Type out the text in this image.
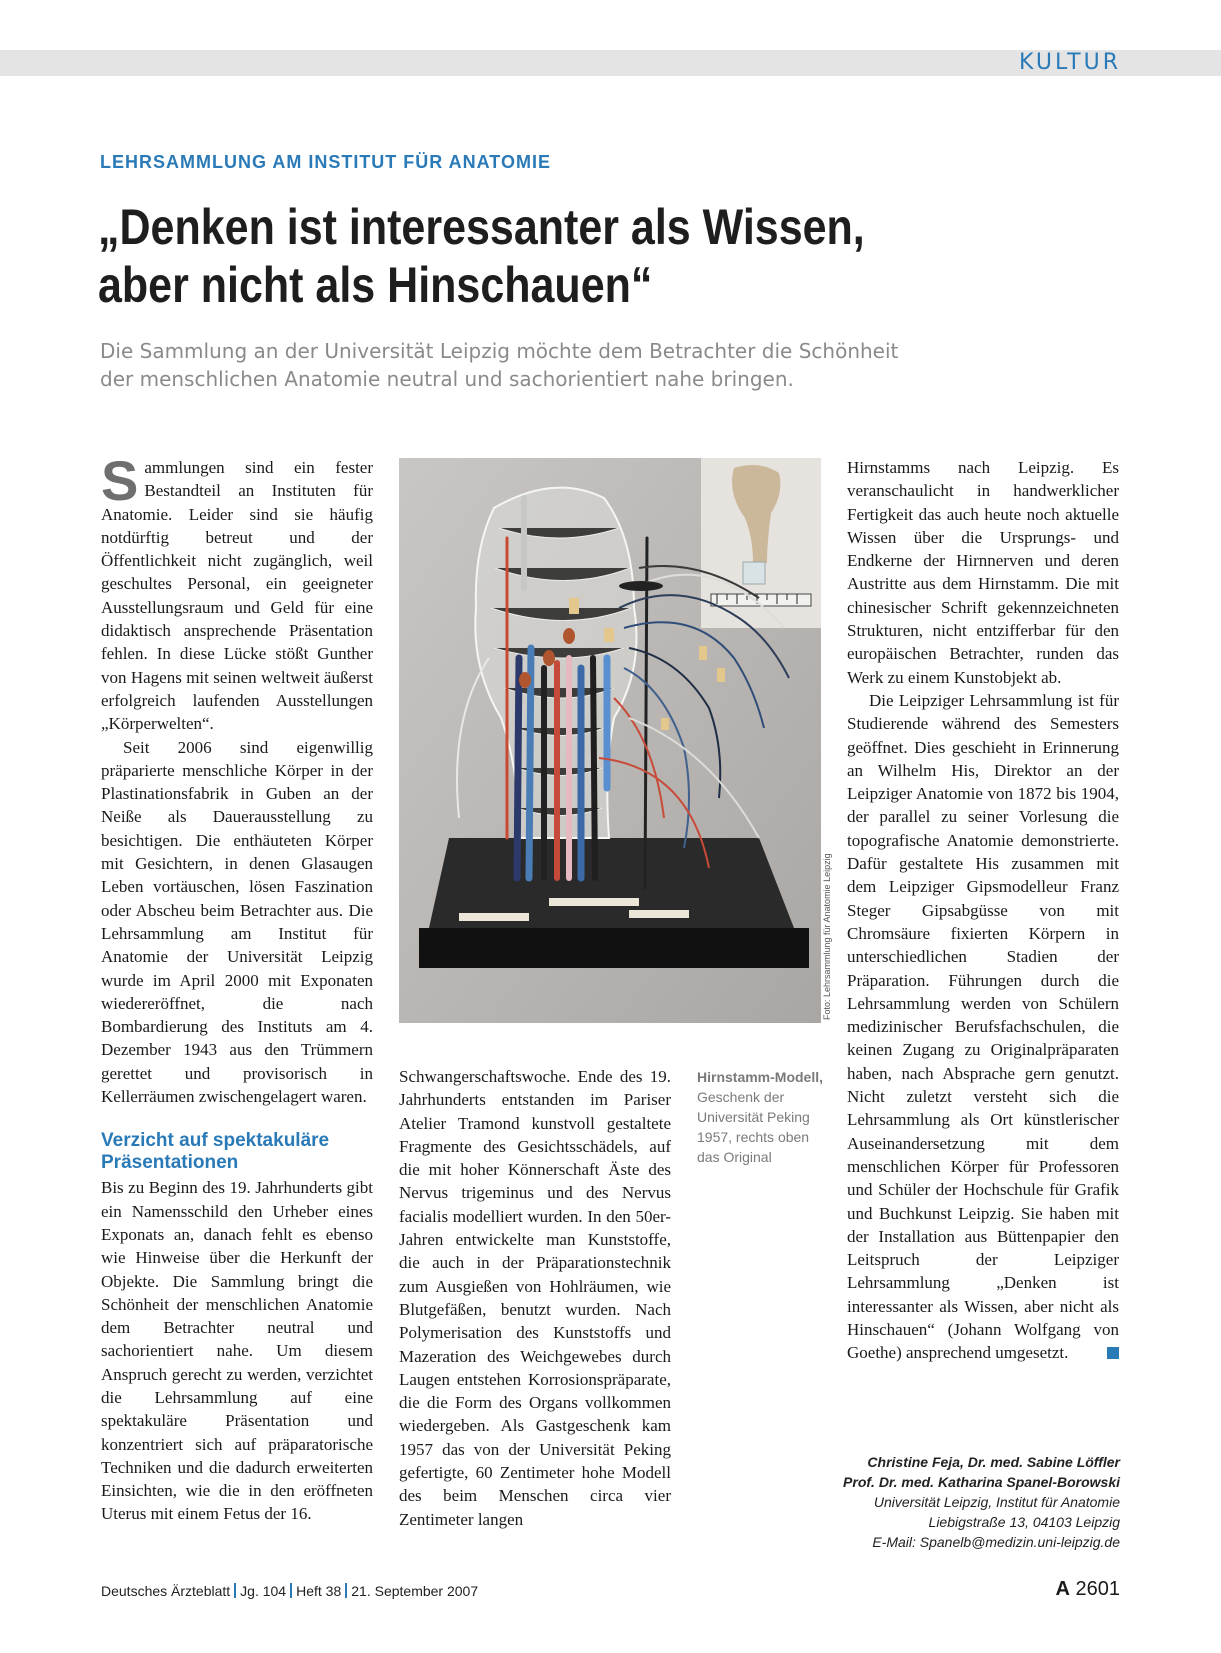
KULTUR
LEHRSAMMLUNG AM INSTITUT FÜR ANATOMIE
„Denken ist interessanter als Wissen,
aber nicht als Hinschauen“
Die Sammlung an der Universität Leipzig möchte dem Betrachter die Schönheit
der menschlichen Anatomie neutral und sachorientiert nahe bringen.

Sammlungen sind ein fester Bestandteil an Instituten für Anatomie. Leider sind sie häufig notdürftig betreut und der Öffentlichkeit nicht zugänglich, weil geschultes Personal, ein geeigneter Ausstellungsraum und Geld für eine didaktisch ansprechende Präsentation fehlen. In diese Lücke stößt Gunther von Hagens mit seinen weltweit äußerst erfolgreich laufenden Ausstellungen „Körperwelten“.

Seit 2006 sind eigenwillig präparierte menschliche Körper in der Plastinationsfabrik in Guben an der Neiße als Dauerausstellung zu besichtigen. Die enthäuteten Körper mit Gesichtern, in denen Glasaugen Leben vortäuschen, lösen Faszination oder Abscheu beim Betrachter aus. Die Lehrsammlung am Institut für Anatomie der Universität Leipzig wurde im April 2000 mit Exponaten wiedereröffnet, die nach Bombardierung des Instituts am 4. Dezember 1943 aus den Trümmern gerettet und provisorisch in Kellerräumen zwischengelagert waren.

Verzicht auf spektakuläre Präsentationen

Bis zu Beginn des 19. Jahrhunderts gibt ein Namensschild den Urheber eines Exponats an, danach fehlt es ebenso wie Hinweise über die Herkunft der Objekte. Die Sammlung bringt die Schönheit der menschlichen Anatomie dem Betrachter neutral und sachorientiert nahe. Um diesem Anspruch gerecht zu werden, verzichtet die Lehrsammlung auf eine spektakuläre Präsentation und konzentriert sich auf präparatorische Techniken und die dadurch erweiterten Einsichten, wie die in den eröffneten Uterus mit einem Fetus der 16.

Foto: Lehrsammlung für Anatomie Leipzig
Hirnstamm-Modell, Geschenk der Universität Peking 1957, rechts oben das Original

Schwangerschaftswoche. Ende des 19. Jahrhunderts entstanden im Pariser Atelier Tramond kunstvoll gestaltete Fragmente des Gesichtsschädels, auf die mit hoher Könnerschaft Äste des Nervus trigeminus und des Nervus facialis modelliert wurden. In den 50er-Jahren entwickelte man Kunststoffe, die auch in der Präparationstechnik zum Ausgießen von Hohlräumen, wie Blutgefäßen, benutzt wurden. Nach Polymerisation des Kunststoffs und Mazeration des Weichgewebes durch Laugen entstehen Korrosionspräparate, die die Form des Organs vollkommen wiedergeben. Als Gastgeschenk kam 1957 das von der Universität Peking gefertigte, 60 Zentimeter hohe Modell des beim Menschen circa vier Zentimeter langen

Hirnstamms nach Leipzig. Es veranschaulicht in handwerklicher Fertigkeit das auch heute noch aktuelle Wissen über die Ursprungs- und Endkerne der Hirnnerven und deren Austritte aus dem Hirnstamm. Die mit chinesischer Schrift gekennzeichneten Strukturen, nicht entzifferbar für den europäischen Betrachter, runden das Werk zu einem Kunstobjekt ab.

Die Leipziger Lehrsammlung ist für Studierende während des Semesters geöffnet. Dies geschieht in Erinnerung an Wilhelm His, Direktor an der Leipziger Anatomie von 1872 bis 1904, der parallel zu seiner Vorlesung die topografische Anatomie demonstrierte. Dafür gestaltete His zusammen mit dem Leipziger Gipsmodelleur Franz Steger Gipsabgüsse von mit Chromsäure fixierten Körpern in unterschiedlichen Stadien der Präparation. Führungen durch die Lehrsammlung werden von Schülern medizinischer Berufsfachschulen, die keinen Zugang zu Originalpräparaten haben, nach Absprache gern genutzt. Nicht zuletzt versteht sich die Lehrsammlung als Ort künstlerischer Auseinandersetzung mit dem menschlichen Körper für Professoren und Schüler der Hochschule für Grafik und Buchkunst Leipzig. Sie haben mit der Installation aus Büttenpapier den Leitspruch der Leipziger Lehrsammlung „Denken ist interessanter als Wissen, aber nicht als Hinschauen“ (Johann Wolfgang von Goethe) ansprechend umgesetzt.

Christine Feja, Dr. med. Sabine Löffler
Prof. Dr. med. Katharina Spanel-Borowski
Universität Leipzig, Institut für Anatomie
Liebigstraße 13, 04103 Leipzig
E-Mail: Spanelb@medizin.uni-leipzig.de
Deutsches Ärzteblatt Jg. 104 Heft 38 21. September 2007	A 2601
